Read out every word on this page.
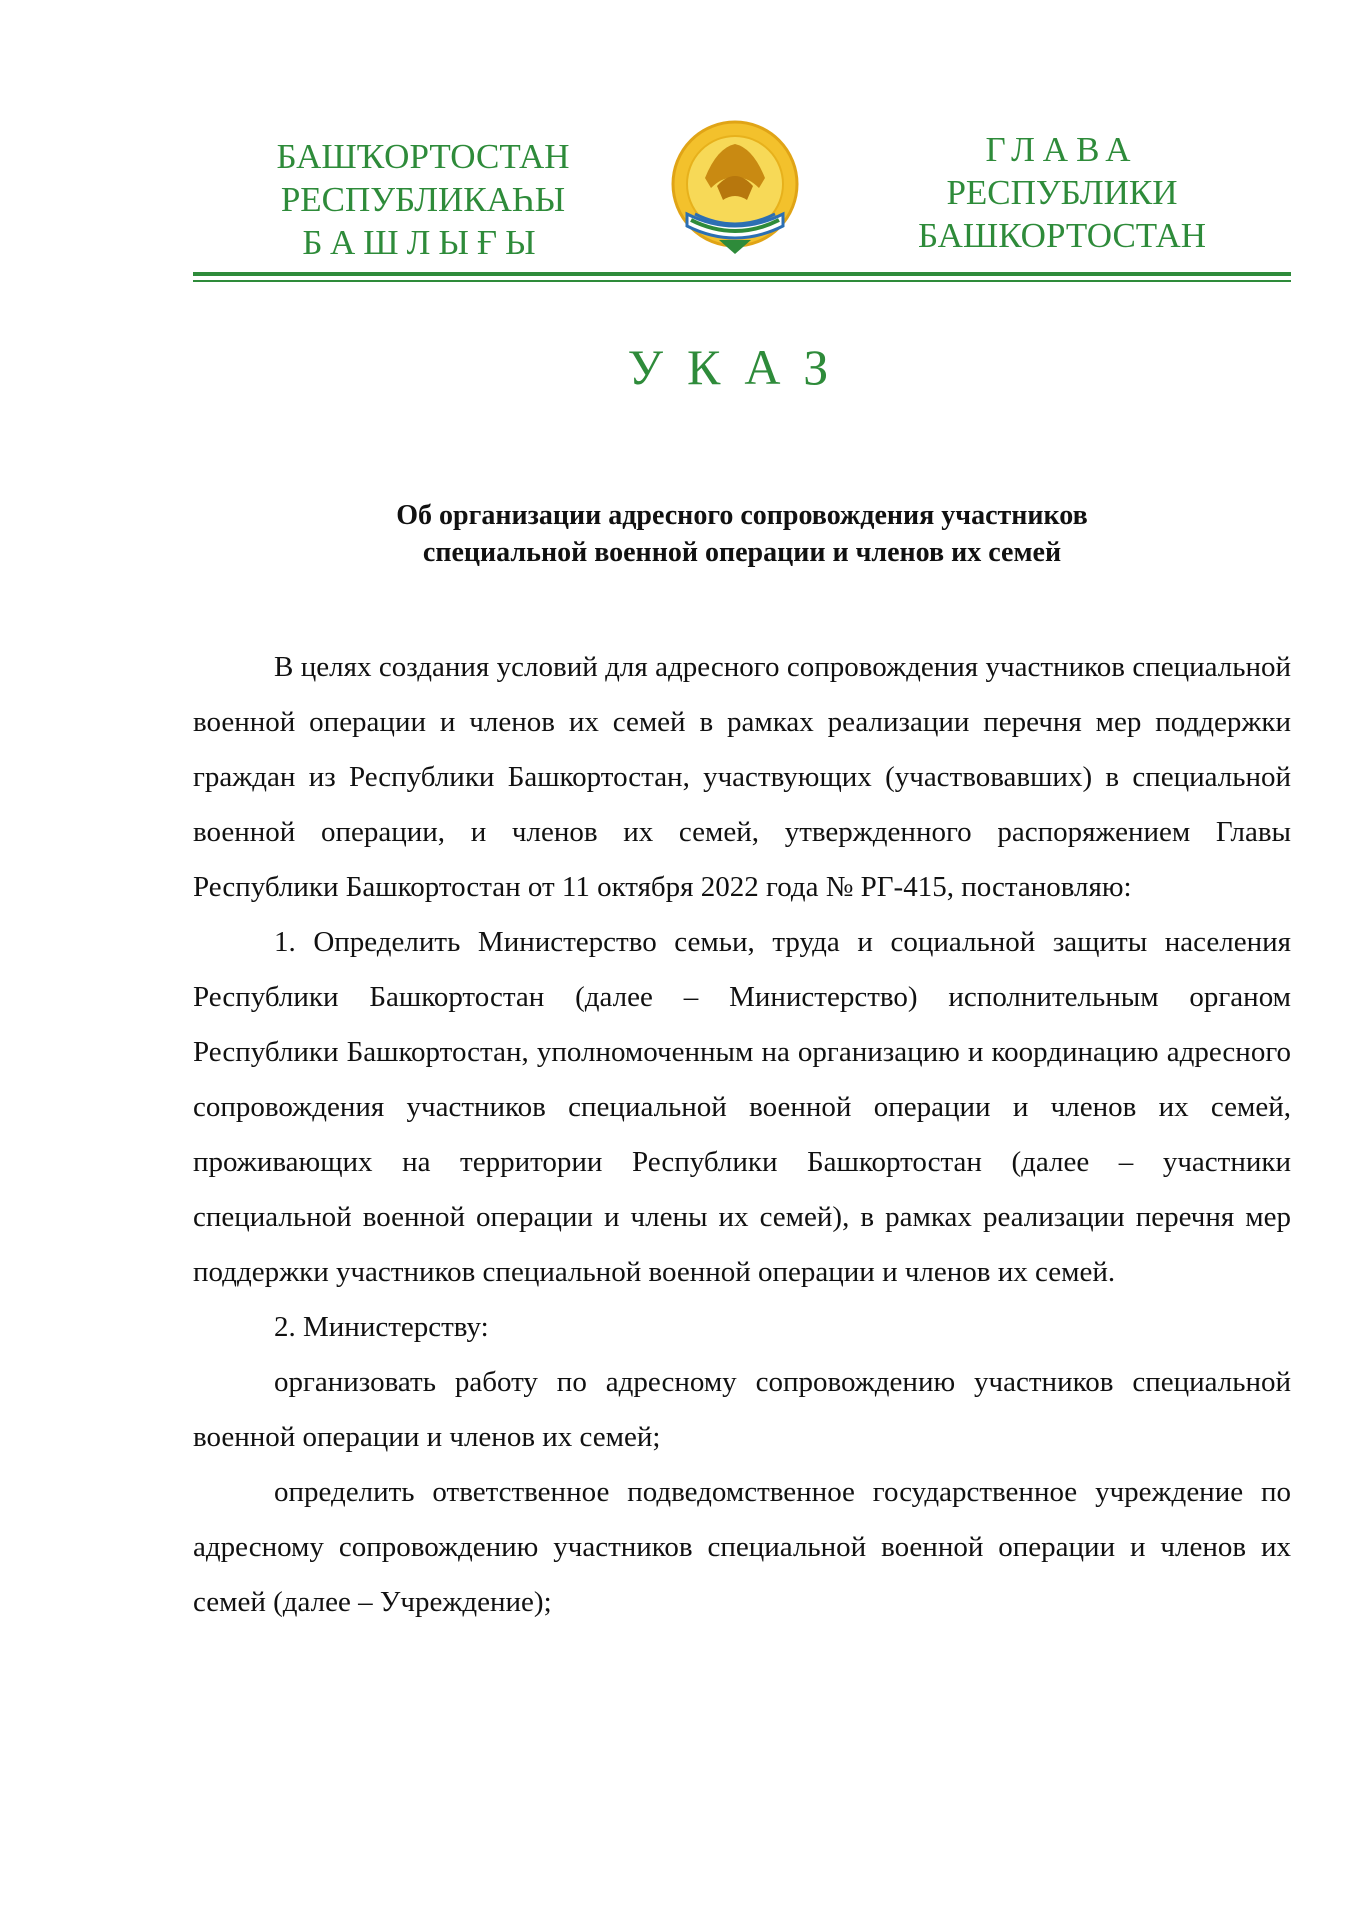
БАШҠОРТОСТАН
РЕСПУБЛИКАҺЫ
БАШЛЫҒЫ
ГЛАВА
РЕСПУБЛИКИ
БАШКОРТОСТАН
УКАЗ
Об организации адресного сопровождения участников
специальной военной операции и членов их семей

В целях создания условий для адресного сопровождения участников специальной военной операции и членов их семей в рамках реализации перечня мер поддержки граждан из Республики Башкортостан, участвующих (участвовавших) в специальной военной операции, и членов их семей, утвержденного распоряжением Главы Республики Башкортостан от 11 октября 2022 года № РГ-415, постановляю:

1. Определить Министерство семьи, труда и социальной защиты населения Республики Башкортостан (далее – Министерство) исполнительным органом Республики Башкортостан, уполномоченным на организацию и координацию адресного сопровождения участников специальной военной операции и членов их семей, проживающих на территории Республики Башкортостан (далее – участники специальной военной операции и члены их семей), в рамках реализации перечня мер поддержки участников специальной военной операции и членов их семей.

2. Министерству:

организовать работу по адресному сопровождению участников специальной военной операции и членов их семей;

определить ответственное подведомственное государственное учреждение по адресному сопровождению участников специальной военной операции и членов их семей (далее – Учреждение);
